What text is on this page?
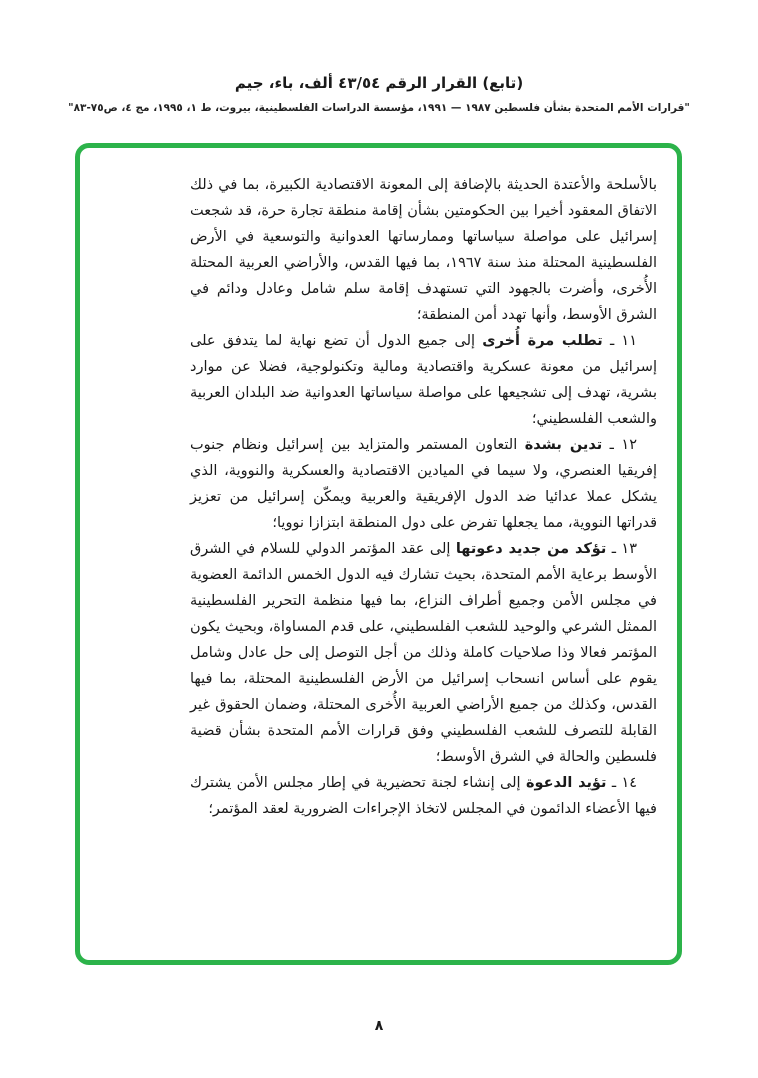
(تابع) القرار الرقم ٤٣/٥٤ ألف، باء، جيم
"قرارات الأمم المتحدة بشأن فلسطين ١٩٨٧ — ١٩٩١، مؤسسة الدراسات الفلسطينية، بيروت، ط ١، ١٩٩٥، مج ٤، ص٧٥-٨٣"

بالأسلحة والأعتدة الحديثة بالإضافة إلى المعونة الاقتصادية الكبيرة، بما في ذلك الاتفاق المعقود أخيرا بين الحكومتين بشأن إقامة منطقة تجارة حرة، قد شجعت إسرائيل على مواصلة سياساتها وممارساتها العدوانية والتوسعية في الأرض الفلسطينية المحتلة منذ سنة ١٩٦٧، بما فيها القدس، والأراضي العربية المحتلة الأُخرى، وأضرت بالجهود التي تستهدف إقامة سلم شامل وعادل ودائم في الشرق الأوسط، وأنها تهدد أمن المنطقة؛

١١ ـ تطلب مرة أُخرى إلى جميع الدول أن تضع نهاية لما يتدفق على إسرائيل من معونة عسكرية واقتصادية ومالية وتكنولوجية، فضلا عن موارد بشرية، تهدف إلى تشجيعها على مواصلة سياساتها العدوانية ضد البلدان العربية والشعب الفلسطيني؛

١٢ ـ تدين بشدة التعاون المستمر والمتزايد بين إسرائيل ونظام جنوب إفريقيا العنصري، ولا سيما في الميادين الاقتصادية والعسكرية والنووية، الذي يشكل عملا عدائيا ضد الدول الإفريقية والعربية ويمكّن إسرائيل من تعزيز قدراتها النووية، مما يجعلها تفرض على دول المنطقة ابتزازا نوويا؛

١٣ ـ تؤكد من جديد دعوتها إلى عقد المؤتمر الدولي للسلام في الشرق الأوسط برعاية الأمم المتحدة، بحيث تشارك فيه الدول الخمس الدائمة العضوية في مجلس الأمن وجميع أطراف النزاع، بما فيها منظمة التحرير الفلسطينية الممثل الشرعي والوحيد للشعب الفلسطيني، على قدم المساواة، وبحيث يكون المؤتمر فعالا وذا صلاحيات كاملة وذلك من أجل التوصل إلى حل عادل وشامل يقوم على أساس انسحاب إسرائيل من الأرض الفلسطينية المحتلة، بما فيها القدس، وكذلك من جميع الأراضي العربية الأُخرى المحتلة، وضمان الحقوق غير القابلة للتصرف للشعب الفلسطيني وفق قرارات الأمم المتحدة بشأن قضية فلسطين والحالة في الشرق الأوسط؛

١٤ ـ تؤيد الدعوة إلى إنشاء لجنة تحضيرية في إطار مجلس الأمن يشترك فيها الأعضاء الدائمون في المجلس لاتخاذ الإجراءات الضرورية لعقد المؤتمر؛

٨
